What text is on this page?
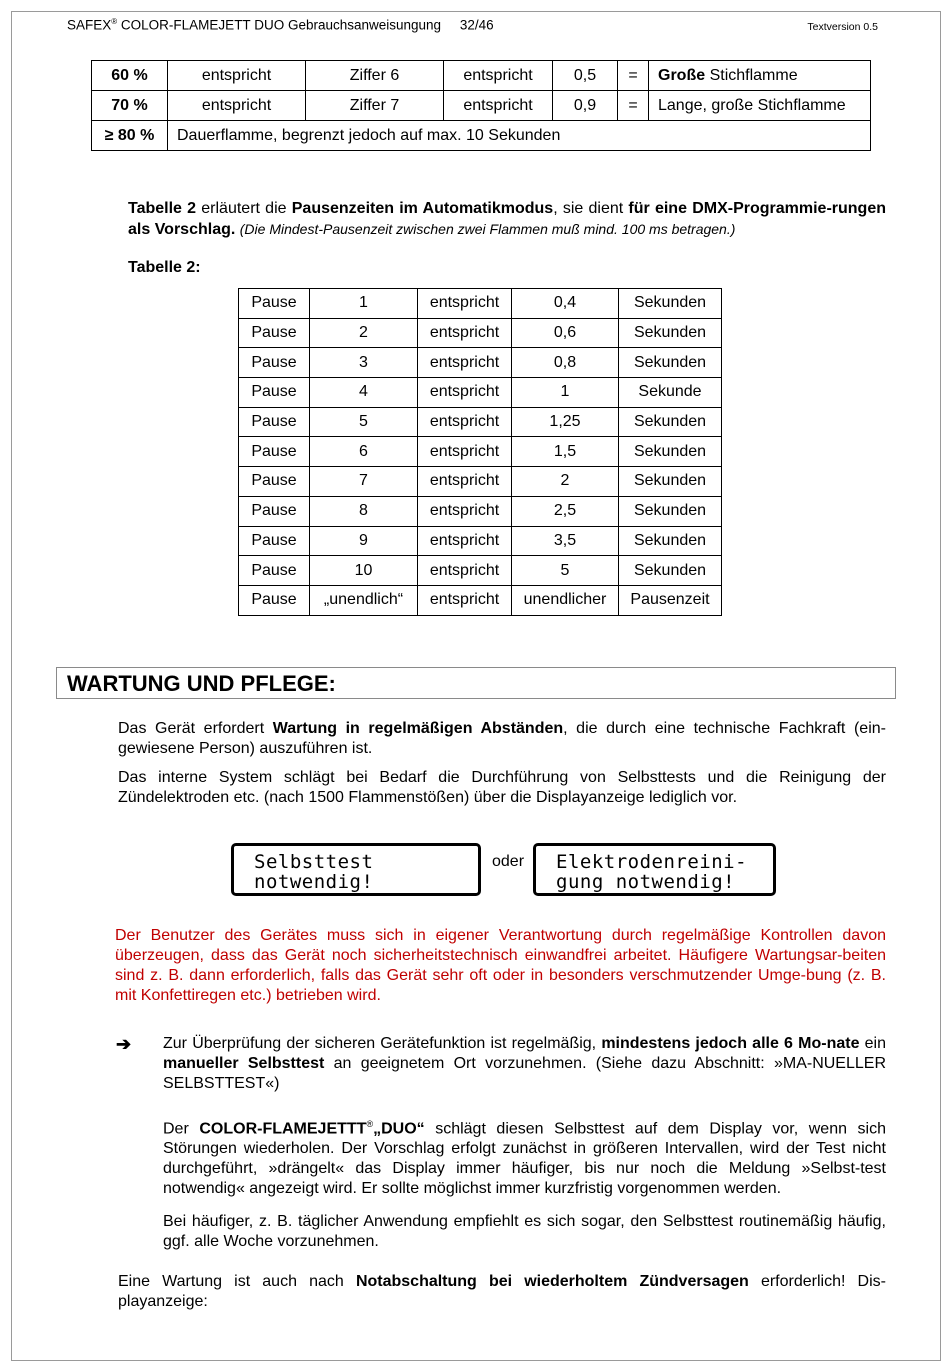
SAFEX® COLOR-FLAMEJETT DUO Gebrauchsanweisungung 32/46	Textversion 0.5
60 %	entspricht	Ziffer 6	entspricht	0,5	=	Große Stichflamme
70 %	entspricht	Ziffer 7	entspricht	0,9	=	Lange, große Stichflamme
≥ 80 %	Dauerflamme, begrenzt jedoch auf max. 10 Sekunden					
Tabelle 2 erläutert die Pausenzeiten im Automatikmodus, sie dient für eine DMX-Programmie-rungen als Vorschlag. (Die Mindest-Pausenzeit zwischen zwei Flammen muß mind. 100 ms betragen.)
Tabelle 2:
Pause	1	entspricht	0,4	Sekunden
Pause	2	entspricht	0,6	Sekunden
Pause	3	entspricht	0,8	Sekunden
Pause	4	entspricht	1	Sekunde
Pause	5	entspricht	1,25	Sekunden
Pause	6	entspricht	1,5	Sekunden
Pause	7	entspricht	2	Sekunden
Pause	8	entspricht	2,5	Sekunden
Pause	9	entspricht	3,5	Sekunden
Pause	10	entspricht	5	Sekunden
Pause	„unendlich“	entspricht	unendlicher	Pausenzeit
WARTUNG UND PFLEGE:
Das Gerät erfordert Wartung in regelmäßigen Abständen, die durch eine technische Fachkraft (ein-gewiesene Person) auszuführen ist.
Das interne System schlägt bei Bedarf die Durchführung von Selbsttests und die Reinigung der Zündelektroden etc. (nach 1500 Flammenstößen) über die Displayanzeige lediglich vor.
Selbsttest
notwendig!
oder Elektrodenreini-
gung notwendig!
Der Benutzer des Gerätes muss sich in eigener Verantwortung durch regelmäßige Kontrollen davon überzeugen, dass das Gerät noch sicherheitstechnisch einwandfrei arbeitet. Häufigere Wartungsar-beiten sind z. B. dann erforderlich, falls das Gerät sehr oft oder in besonders verschmutzender Umge-bung (z. B. mit Konfettiregen etc.) betrieben wird.
➔ Zur Überprüfung der sicheren Gerätefunktion ist regelmäßig, mindestens jedoch alle 6 Mo-nate ein manueller Selbsttest an geeignetem Ort vorzunehmen. (Siehe dazu Abschnitt: »MA-NUELLER SELBSTTEST«)
Der COLOR-FLAMEJETTT®„DUO“ schlägt diesen Selbsttest auf dem Display vor, wenn sich Störungen wiederholen. Der Vorschlag erfolgt zunächst in größeren Intervallen, wird der Test nicht durchgeführt, »drängelt« das Display immer häufiger, bis nur noch die Meldung »Selbst-test notwendig« angezeigt wird. Er sollte möglichst immer kurzfristig vorgenommen werden.
Bei häufiger, z. B. täglicher Anwendung empfiehlt es sich sogar, den Selbsttest routinemäßig häufig, ggf. alle Woche vorzunehmen.
Eine Wartung ist auch nach Notabschaltung bei wiederholtem Zündversagen erforderlich! Dis-playanzeige:
